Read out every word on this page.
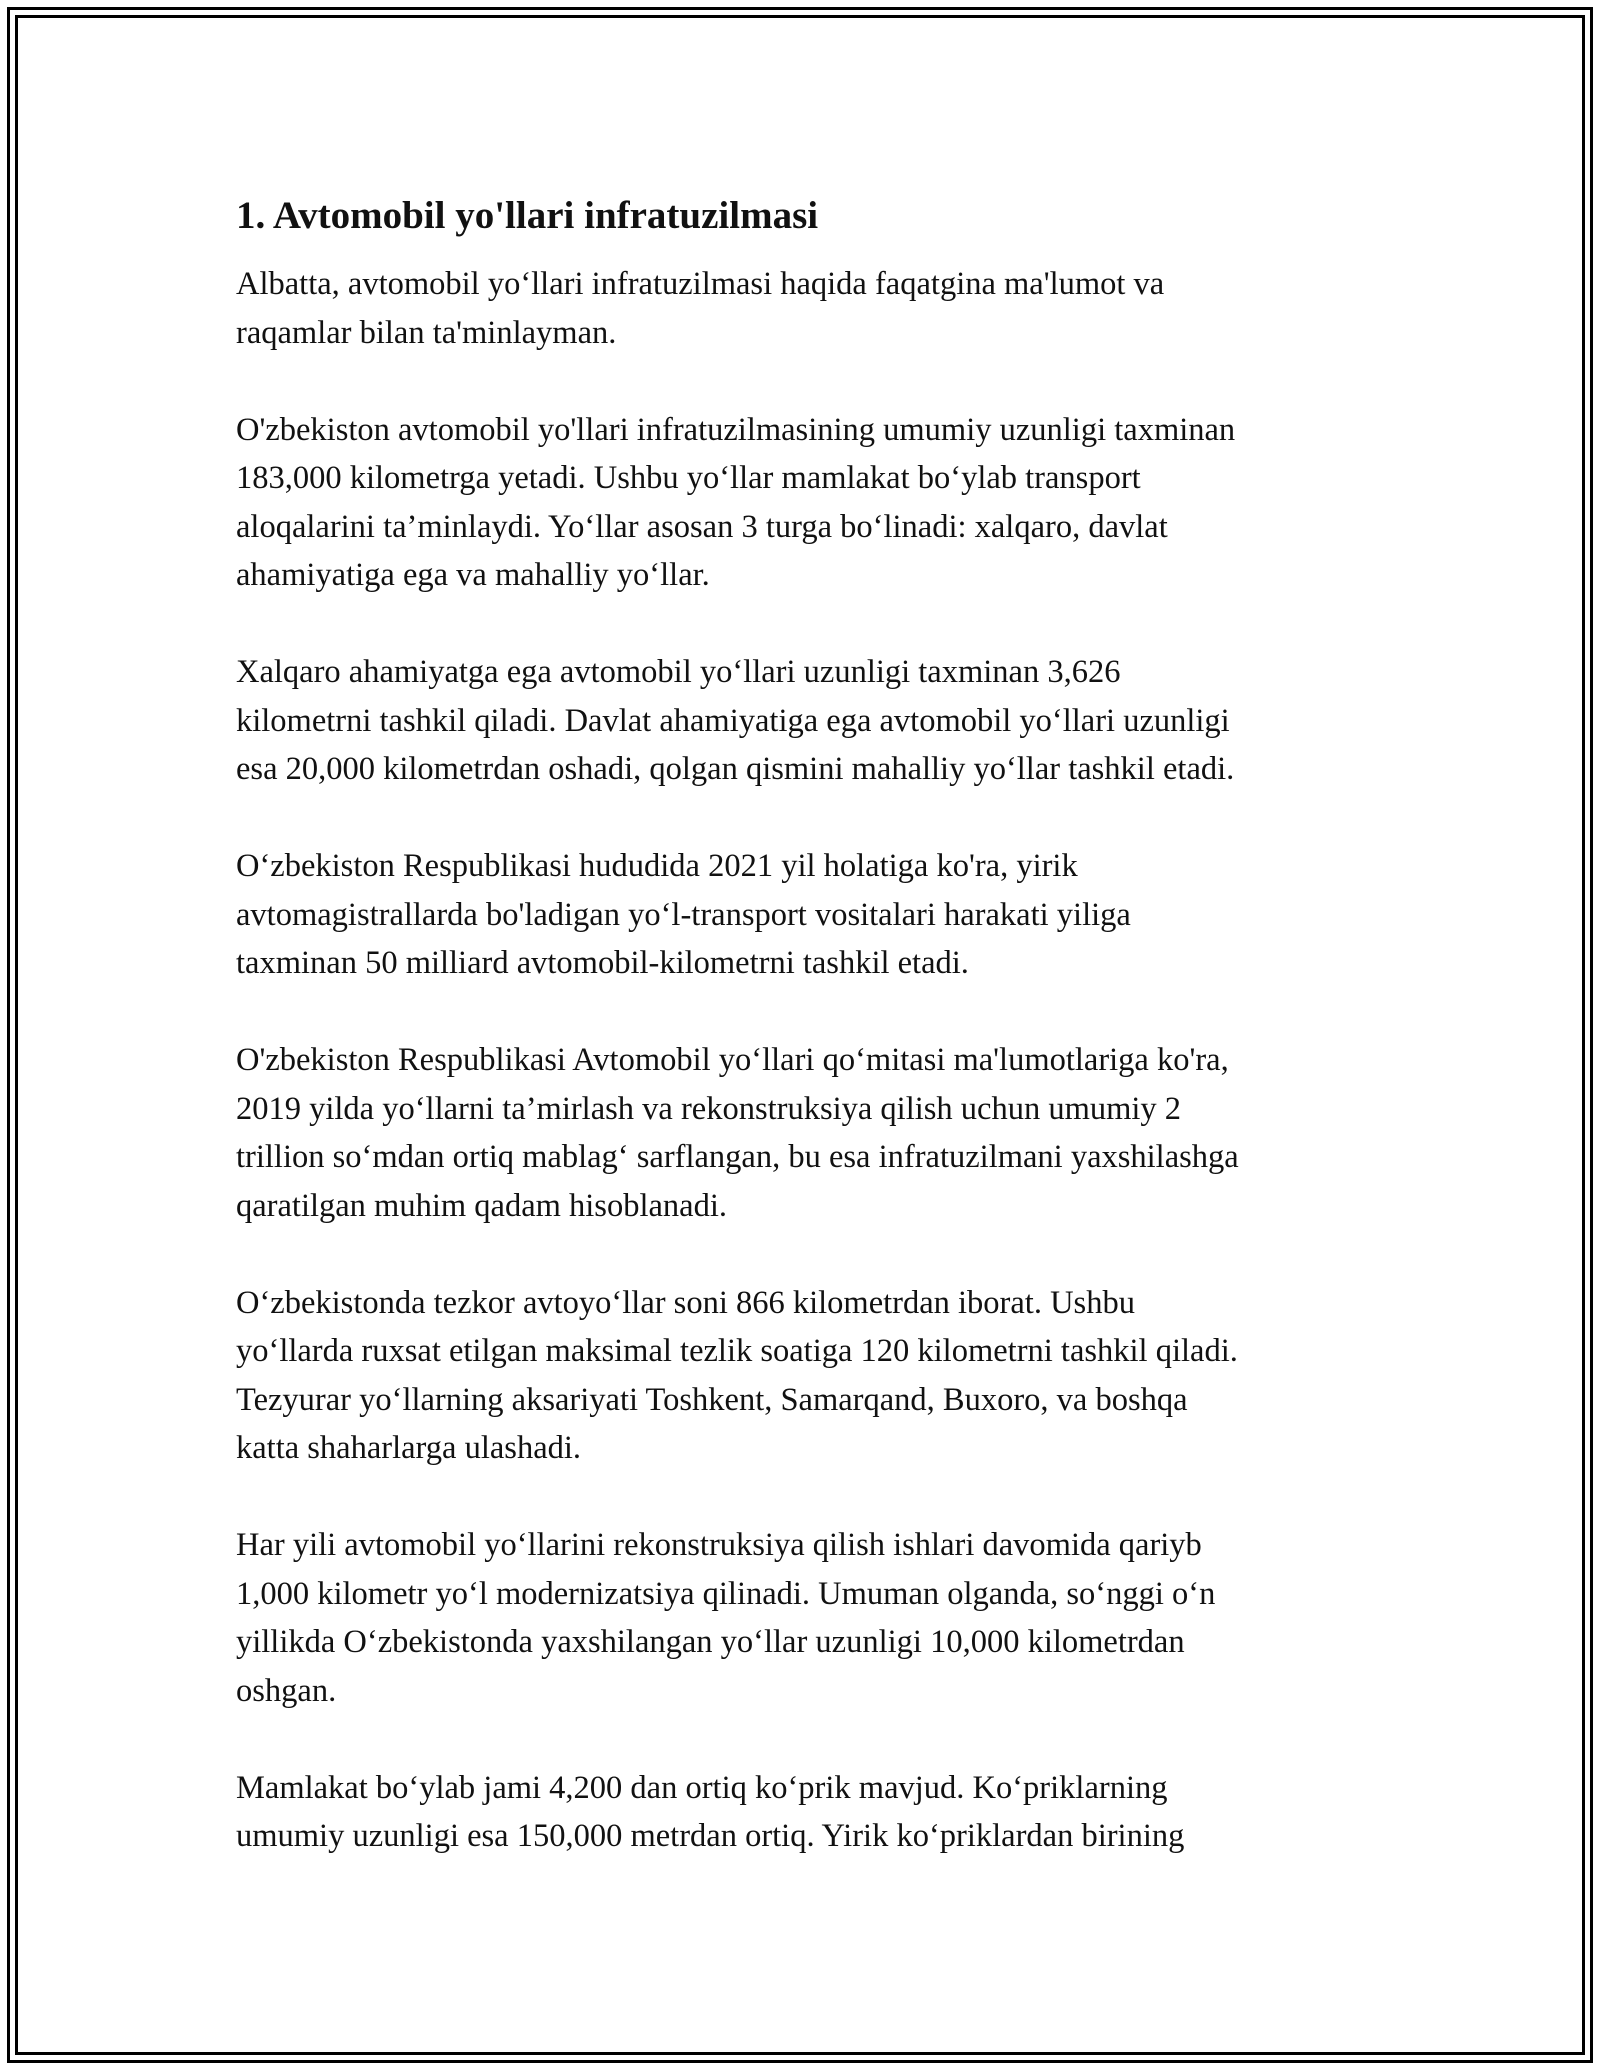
1. Avtomobil yo'llari infratuzilmasi

Albatta, avtomobil yo‘llari infratuzilmasi haqida faqatgina ma'lumot va
raqamlar bilan ta'minlayman.

O'zbekiston avtomobil yo'llari infratuzilmasining umumiy uzunligi taxminan
183,000 kilometrga yetadi. Ushbu yo‘llar mamlakat bo‘ylab transport
aloqalarini ta’minlaydi. Yo‘llar asosan 3 turga bo‘linadi: xalqaro, davlat
ahamiyatiga ega va mahalliy yo‘llar.

Xalqaro ahamiyatga ega avtomobil yo‘llari uzunligi taxminan 3,626
kilometrni tashkil qiladi. Davlat ahamiyatiga ega avtomobil yo‘llari uzunligi
esa 20,000 kilometrdan oshadi, qolgan qismini mahalliy yo‘llar tashkil etadi.

O‘zbekiston Respublikasi hududida 2021 yil holatiga ko'ra, yirik
avtomagistrallarda bo'ladigan yo‘l-transport vositalari harakati yiliga
taxminan 50 milliard avtomobil-kilometrni tashkil etadi.

O'zbekiston Respublikasi Avtomobil yo‘llari qo‘mitasi ma'lumotlariga ko'ra,
2019 yilda yo‘llarni ta’mirlash va rekonstruksiya qilish uchun umumiy 2
trillion so‘mdan ortiq mablag‘ sarflangan, bu esa infratuzilmani yaxshilashga
qaratilgan muhim qadam hisoblanadi.

O‘zbekistonda tezkor avtoyo‘llar soni 866 kilometrdan iborat. Ushbu
yo‘llarda ruxsat etilgan maksimal tezlik soatiga 120 kilometrni tashkil qiladi.
Tezyurar yo‘llarning aksariyati Toshkent, Samarqand, Buxoro, va boshqa
katta shaharlarga ulashadi.

Har yili avtomobil yo‘llarini rekonstruksiya qilish ishlari davomida qariyb
1,000 kilometr yo‘l modernizatsiya qilinadi. Umuman olganda, so‘nggi o‘n
yillikda O‘zbekistonda yaxshilangan yo‘llar uzunligi 10,000 kilometrdan
oshgan.

Mamlakat bo‘ylab jami 4,200 dan ortiq ko‘prik mavjud. Ko‘priklarning
umumiy uzunligi esa 150,000 metrdan ortiq. Yirik ko‘priklardan birining
